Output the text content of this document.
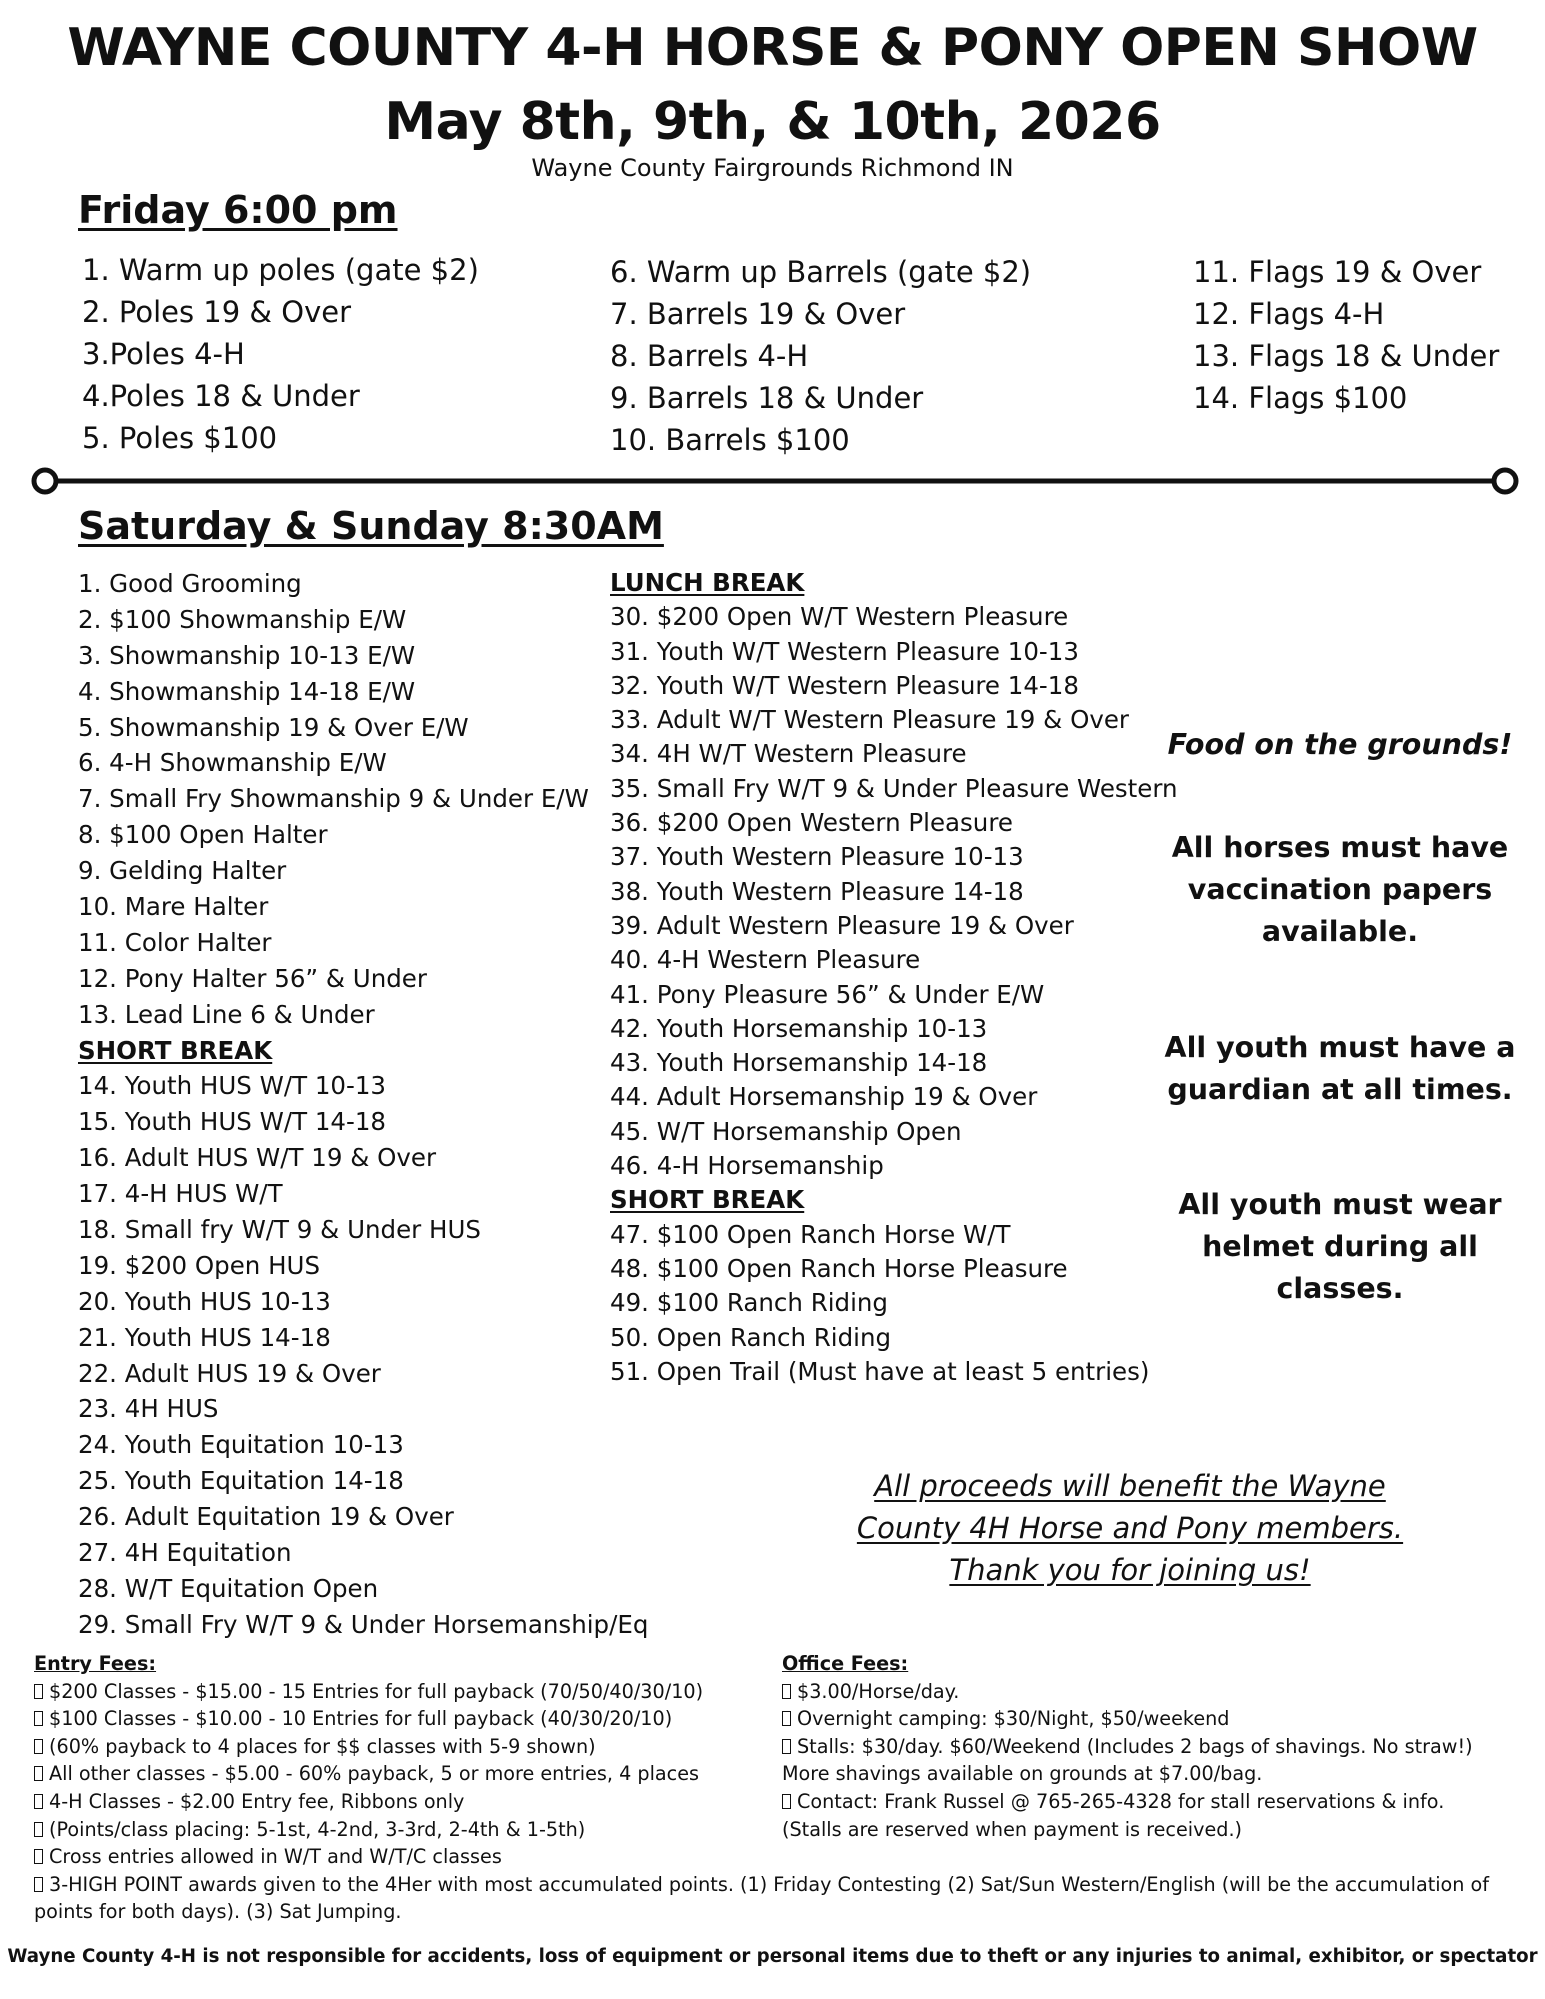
WAYNE COUNTY 4-H HORSE & PONY OPEN SHOW
May 8th, 9th, & 10th, 2026
Wayne County Fairgrounds Richmond IN
Friday 6:00 pm
1. Warm up poles (gate $2)
2. Poles 19 & Over
3.Poles 4-H
4.Poles 18 & Under
5. Poles $100
6. Warm up Barrels (gate $2)
7. Barrels 19 & Over
8. Barrels 4-H
9. Barrels 18 & Under
10. Barrels $100
11. Flags 19 & Over
12. Flags 4-H
13. Flags 18 & Under
14. Flags $100
Saturday & Sunday 8:30AM
1. Good Grooming
2. $100 Showmanship E/W
3. Showmanship 10-13 E/W
4. Showmanship 14-18 E/W
5. Showmanship 19 & Over E/W
6. 4-H Showmanship E/W
7. Small Fry Showmanship 9 & Under E/W
8. $100 Open Halter
9. Gelding Halter
10. Mare Halter
11. Color Halter
12. Pony Halter 56” & Under
13. Lead Line 6 & Under
SHORT BREAK
14. Youth HUS W/T 10-13
15. Youth HUS W/T 14-18
16. Adult HUS W/T 19 & Over
17. 4-H HUS W/T
18. Small fry W/T 9 & Under HUS
19. $200 Open HUS
20. Youth HUS 10-13
21. Youth HUS 14-18
22. Adult HUS 19 & Over
23. 4H HUS
24. Youth Equitation 10-13
25. Youth Equitation 14-18
26. Adult Equitation 19 & Over
27. 4H Equitation
28. W/T Equitation Open
29. Small Fry W/T 9 & Under Horsemanship/Eq
LUNCH BREAK
30. $200 Open W/T Western Pleasure
31. Youth W/T Western Pleasure 10-13
32. Youth W/T Western Pleasure 14-18
33. Adult W/T Western Pleasure 19 & Over
34. 4H W/T Western Pleasure
35. Small Fry W/T 9 & Under Pleasure Western
36. $200 Open Western Pleasure
37. Youth Western Pleasure 10-13
38. Youth Western Pleasure 14-18
39. Adult Western Pleasure 19 & Over
40. 4-H Western Pleasure
41. Pony Pleasure 56” & Under E/W
42. Youth Horsemanship 10-13
43. Youth Horsemanship 14-18
44. Adult Horsemanship 19 & Over
45. W/T Horsemanship Open
46. 4-H Horsemanship
SHORT BREAK
47. $100 Open Ranch Horse W/T
48. $100 Open Ranch Horse Pleasure
49. $100 Ranch Riding
50. Open Ranch Riding
51. Open Trail (Must have at least 5 entries)
Food on the grounds!
All horses must have vaccination papers available.
All youth must have a guardian at all times.
All youth must wear helmet during all classes.
All proceeds will benefit the Wayne County 4H Horse and Pony members. Thank you for joining us!
Entry Fees:
$200 Classes - $15.00 - 15 Entries for full payback (70/50/40/30/10)
$100 Classes - $10.00 - 10 Entries for full payback (40/30/20/10)
(60% payback to 4 places for $$ classes with 5-9 shown)
All other classes - $5.00 - 60% payback, 5 or more entries, 4 places
4-H Classes - $2.00 Entry fee, Ribbons only
(Points/class placing: 5-1st, 4-2nd, 3-3rd, 2-4th & 1-5th)
Cross entries allowed in W/T and W/T/C classes
3-HIGH POINT awards given to the 4Her with most accumulated points. (1) Friday Contesting (2) Sat/Sun Western/English (will be the accumulation of points for both days). (3) Sat Jumping.
Office Fees:
$3.00/Horse/day.
Overnight camping: $30/Night, $50/weekend
Stalls: $30/day. $60/Weekend (Includes 2 bags of shavings. No straw!)
More shavings available on grounds at $7.00/bag.
Contact: Frank Russel @ 765-265-4328 for stall reservations & info.
(Stalls are reserved when payment is received.)
Wayne County 4-H is not responsible for accidents, loss of equipment or personal items due to theft or any injuries to animal, exhibitor, or spectator
